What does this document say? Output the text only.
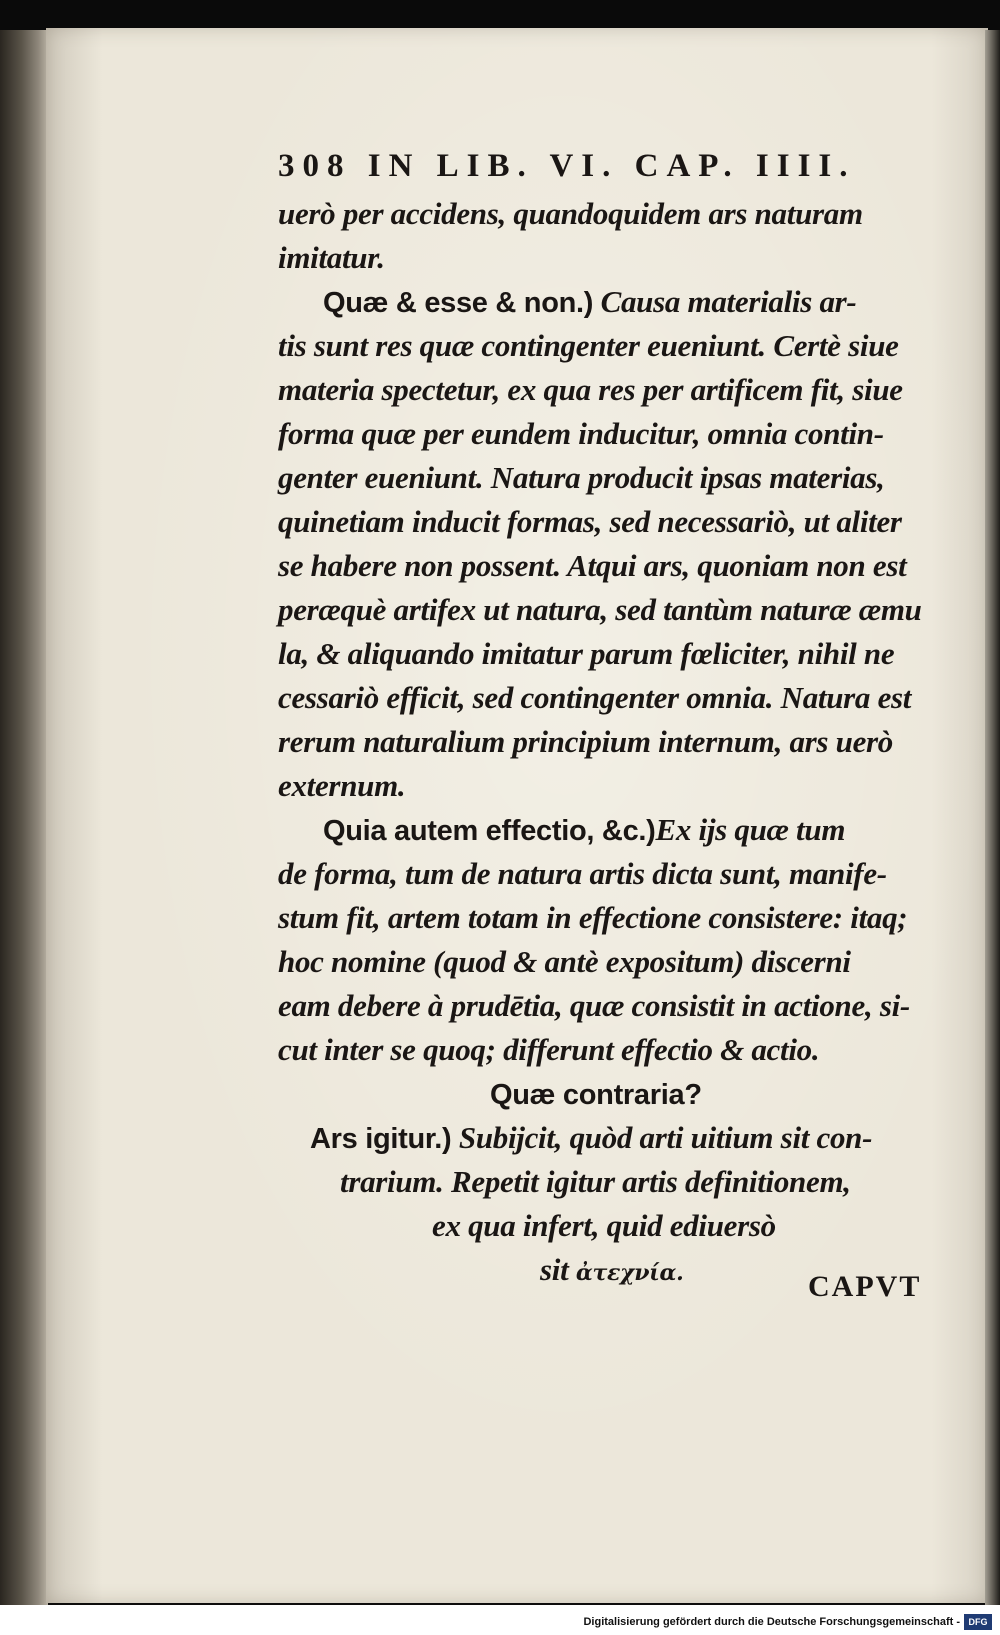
308 IN LIB. VI. CAP. IIII.
uerò per accidens, quandoquidem ars naturam
imitatur.
Quæ & esse & non.) Causa materialis ar-
tis sunt res quæ contingenter eueniunt. Certè siue
materia spectetur, ex qua res per artificem fit, siue
forma quæ per eundem inducitur, omnia contin-
genter eueniunt. Natura producit ipsas materias,
quinetiam inducit formas, sed necessariò, ut aliter
se habere non possent. Atqui ars, quoniam non est
peræquè artifex ut natura, sed tantùm naturæ æmu
la, & aliquando imitatur parum fœliciter, nihil ne
cessariò efficit, sed contingenter omnia. Natura est
rerum naturalium principium internum, ars uerò
externum.
Quia autem effectio, &c.)Ex ijs quæ tum
de forma, tum de natura artis dicta sunt, manife-
stum fit, artem totam in effectione consistere: itaq;
hoc nomine (quod & antè expositum) discerni
eam debere à prudētia, quæ consistit in actione, si-
cut inter se quoq; differunt effectio & actio.
Quæ contraria?
Ars igitur.) Subijcit, quòd arti uitium sit con-
trarium. Repetit igitur artis definitionem,
ex qua infert, quid ediuersò
sit ἀτεχνία.	CAPVT
Digitalisierung gefördert durch die Deutsche Forschungsgemeinschaft - DFG
